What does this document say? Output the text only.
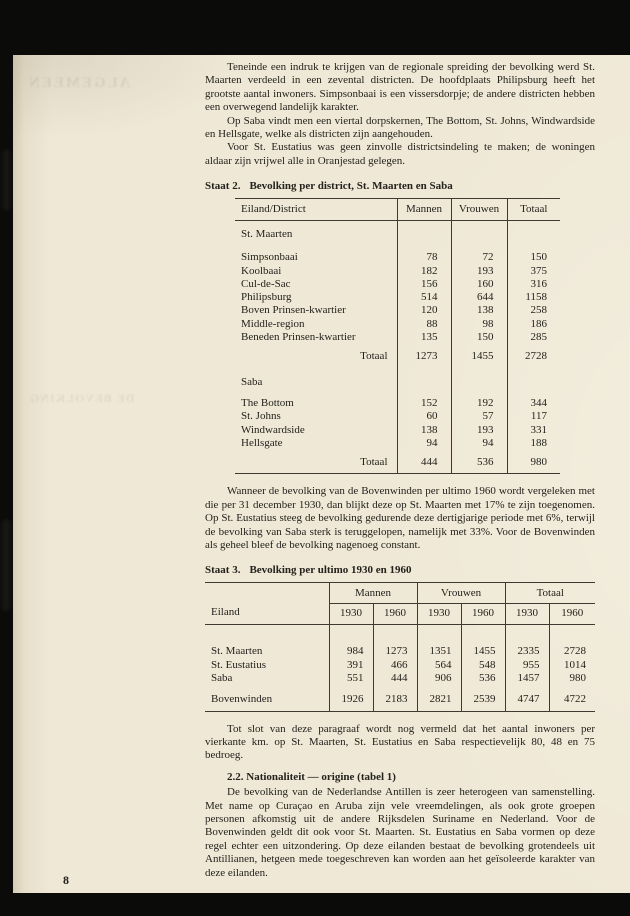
ALGEMEEN
DE BEVOLKING

Teneinde een indruk te krijgen van de regionale spreiding der bevolking werd St. Maarten verdeeld in een zevental districten. De hoofdplaats Philipsburg heeft het grootste aantal inwoners. Simpsonbaai is een vissersdorpje; de andere districten hebben een overwegend landelijk karakter.

Op Saba vindt men een viertal dorpskernen, The Bottom, St. Johns, Windwardside en Hellsgate, welke als districten zijn aangehouden.

Voor St. Eustatius was geen zinvolle districtsindeling te maken; de woningen aldaar zijn vrijwel alle in Oranjestad gelegen.

Staat 2. Bevolking per district, St. Maarten en Saba

Eiland/District	Mannen	Vrouwen	Totaal
St. Maarten			
Simpsonbaai	78	72	150
Koolbaai	182	193	375
Cul-de-Sac	156	160	316
Philipsburg	514	644	1158
Boven Prinsen-kwartier	120	138	258
Middle-region	88	98	186
Beneden Prinsen-kwartier	135	150	285
Totaal	1273	1455	2728
Saba			
The Bottom	152	192	344
St. Johns	60	57	117
Windwardside	138	193	331
Hellsgate	94	94	188
Totaal	444	536	980

Wanneer de bevolking van de Bovenwinden per ultimo 1960 wordt vergeleken met die per 31 december 1930, dan blijkt deze op St. Maarten met 17% te zijn toegenomen. Op St. Eustatius steeg de bevolking gedurende deze dertigjarige periode met 6%, terwijl de bevolking van Saba sterk is teruggelopen, namelijk met 33%. Voor de Bovenwinden als geheel bleef de bevolking nagenoeg constant.

Staat 3. Bevolking per ultimo 1930 en 1960

Eiland	Mannen		Vrouwen		Totaal	
	1930	1960	1930	1960	1930	1960
St. Maarten	984	1273	1351	1455	2335	2728
St. Eustatius	391	466	564	548	955	1014
Saba	551	444	906	536	1457	980
Bovenwinden	1926	2183	2821	2539	4747	4722

Tot slot van deze paragraaf wordt nog vermeld dat het aantal inwoners per vierkante km. op St. Maarten, St. Eustatius en Saba respectievelijk 80, 48 en 75 bedroeg.

2.2. Nationaliteit — origine (tabel 1)

De bevolking van de Nederlandse Antillen is zeer heterogeen van samenstelling. Met name op Curaçao en Aruba zijn vele vreemdelingen, als ook grote groepen personen afkomstig uit de andere Rijksdelen Suriname en Nederland. Voor de Bovenwinden geldt dit ook voor St. Maarten. St. Eustatius en Saba vormen op deze regel echter een uitzondering. Op deze eilanden bestaat de bevolking grotendeels uit Antillianen, hetgeen mede toegeschreven kan worden aan het geïsoleerde karakter van deze eilanden.

8
